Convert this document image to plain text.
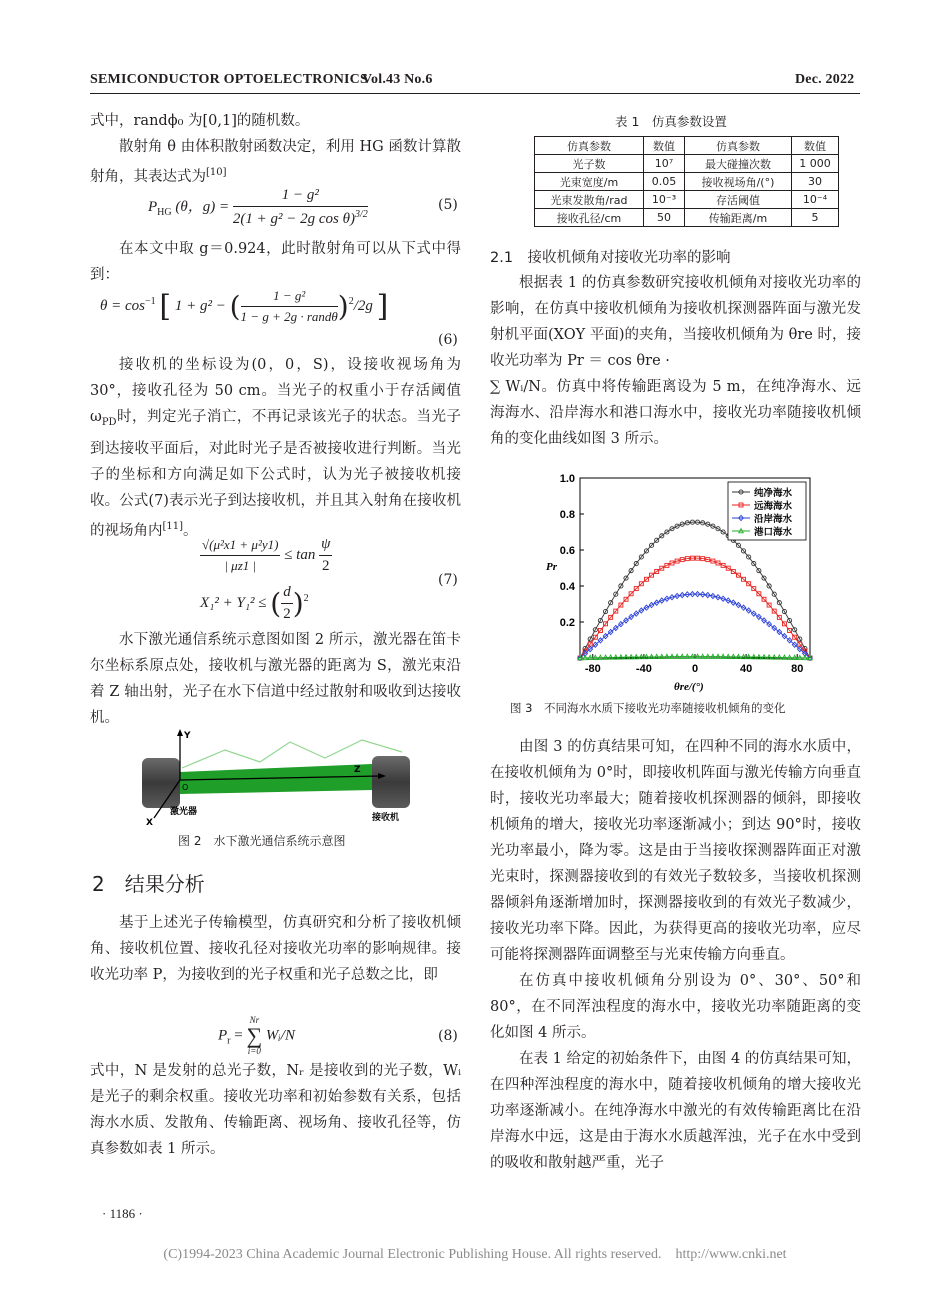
SEMICONDUCTOR OPTOELECTRONICS
Vol.43 No.6	Dec. 2022

式中，randϕ₀ 为[0,1]的随机数。

散射角 θ 由体积散射函数决定，利用 HG 函数计算散射角，其表达式为[10]

$P_{HG}$ (θ，$g) = \frac{\text{1 − g²}}{2(1 + g^2 - 2g \cos \theta)^{3/2}}$	(5)

在本文中取 g＝0.924，此时散射角可以从下式中得到：

$\theta = \cos^{-1}$ [ 1 + g² − ( $\frac{\text{1 − g²}}{\text{1 − g + 2g · randθ}} )^2/2g$ ]
(6)

接收机的坐标设为(0，0，S)，设接收视场角为 30°，接收孔径为 50 cm。当光子的权重小于存活阈值 $\omega_{PD}$时，判定光子消亡，不再记录该光子的状态。当光子到达接收平面后，对此时光子是否被接收进行判断。当光子的坐标和方向满足如下公式时，认为光子被接收机接收。公式(7)表示光子到达接收机，并且其入射角在接收机的视场角内[11]。

$\frac{\text{√(μ²x1 + μ²y1)}}{| \mu z1 |} \le \tan \frac{\psi}{2}$
(7)
X₁² + Y₁² ≤ ( $\frac{d}{2} )^2$

水下激光通信系统示意图如图 2 所示，激光器在笛卡尔坐标系原点处，接收机与激光器的距离为 S，激光束沿着 Z 轴出射，光子在水下信道中经过散射和吸收到达接收机。

Y
Z
X
O
激光器
接收机
图 2　水下激光通信系统示意图
2　结果分析

基于上述光子传输模型，仿真研究和分析了接收机倾角、接收机位置、接收孔径对接收光功率的影响规律。接收光功率 P，为接收到的光子权重和光子总数之比，即

$P_r$ =
Nr
∑
i=0
Wᵢ/N	(8)

式中，N 是发射的总光子数，Nᵣ 是接收到的光子数，Wᵢ 是光子的剩余权重。接收光功率和初始参数有关系，包括海水水质、发散角、传输距离、视场角、接收孔径等，仿真参数如表 1 所示。

· 1186 ·
表 1　仿真参数设置
仿真参数	数值	仿真参数	数值
光子数	10⁷	最大碰撞次数	1 000
光束宽度/m	0.05	接收视场角/(°)	30
光束发散角/rad	10⁻³	存活阈值	10⁻⁴
接收孔径/cm	50	传输距离/m	5
2.1　接收机倾角对接收光功率的影响

根据表 1 的仿真参数研究接收机倾角对接收光功率的影响，在仿真中接收机倾角为接收机探测器阵面与激光发射机平面(XOY 平面)的夹角，当接收机倾角为 θre 时，接收光功率为 Pr ＝ cos θre ·

∑ Wᵢ/N。仿真中将传输距离设为 5 m，在纯净海水、远海海水、沿岸海水和港口海水中，接收光功率随接收机倾角的变化曲线如图 3 所示。

-80	-40	0	40	80
0.2
0.4
0.6
0.8
1.0
纯净海水
远海海水
沿岸海水
港口海水
Pr
θre/(°)
图 3　不同海水水质下接收光功率随接收机倾角的变化

由图 3 的仿真结果可知，在四种不同的海水水质中，在接收机倾角为 0°时，即接收机阵面与激光传输方向垂直时，接收光功率最大；随着接收机探测器的倾斜，即接收机倾角的增大，接收光功率逐渐减小；到达 90°时，接收光功率最小，降为零。这是由于当接收探测器阵面正对激光束时，探测器接收到的有效光子数较多，当接收机探测器倾斜角逐渐增加时，探测器接收到的有效光子数减少，接收光功率下降。因此，为获得更高的接收光功率，应尽可能将探测器阵面调整至与光束传输方向垂直。

在仿真中接收机倾角分别设为 0°、30°、50°和 80°，在不同浑浊程度的海水中，接收光功率随距离的变化如图 4 所示。

在表 1 给定的初始条件下，由图 4 的仿真结果可知，在四种浑浊程度的海水中，随着接收机倾角的增大接收光功率逐渐减小。在纯净海水中激光的有效传输距离比在沿岸海水中远，这是由于海水水质越浑浊，光子在水中受到的吸收和散射越严重，光子

(C)1994-2023 China Academic Journal Electronic Publishing House. All rights reserved.　http://www.cnki.net
